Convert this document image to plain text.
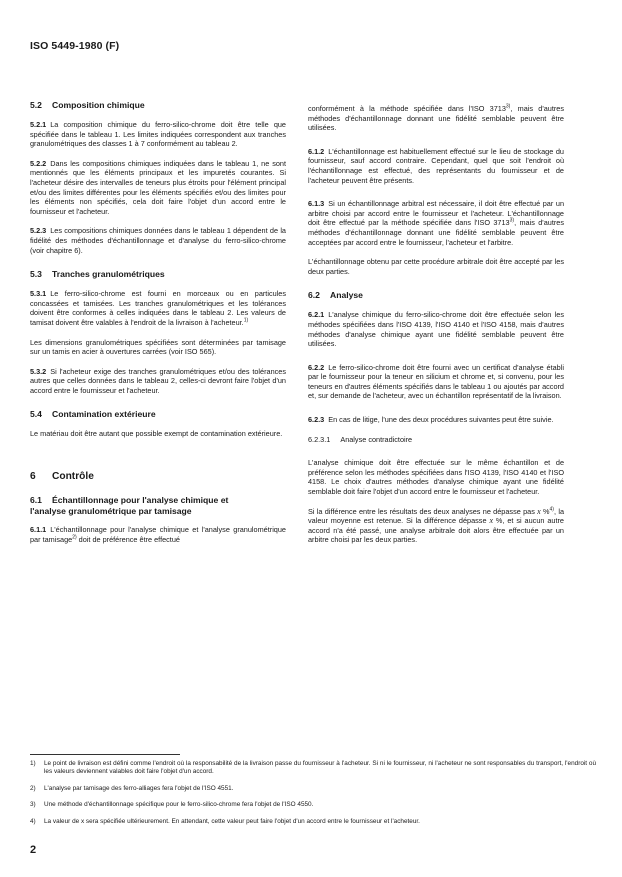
ISO 5449-1980 (F)
5.2 Composition chimique

5.2.1 La composition chimique du ferro-silico-chrome doit être telle que spécifiée dans le tableau 1. Les limites indiquées correspondent aux tranches granulométriques des classes 1 à 7 conformément au tableau 2.

5.2.2 Dans les compositions chimiques indiquées dans le tableau 1, ne sont mentionnés que les éléments principaux et les impuretés courantes. Si l'acheteur désire des intervalles de teneurs plus étroits pour l'élément principal et/ou des limites différentes pour les éléments spécifiés et/ou des limites pour les éléments non spécifiés, cela doit faire l'objet d'un accord entre le fournisseur et l'acheteur.

5.2.3 Les compositions chimiques données dans le tableau 1 dépendent de la fidélité des méthodes d'échantillonnage et d'analyse du ferro-silico-chrome (voir chapitre 6).

5.3 Tranches granulométriques

5.3.1 Le ferro-silico-chrome est fourni en morceaux ou en particules concassées et tamisées. Les tranches granulométriques et les tolérances doivent être conformes à celles indiquées dans le tableau 2. Les valeurs de tamisat doivent être valables à l'endroit de la livraison à l'acheteur.$^{1)}$

Les dimensions granulométriques spécifiées sont déterminées par tamisage sur un tamis en acier à ouvertures carrées (voir ISO 565).

5.3.2 Si l'acheteur exige des tranches granulométriques et/ou des tolérances autres que celles données dans le tableau 2, celles-ci devront faire l'objet d'un accord entre le fournisseur et l'acheteur.

5.4 Contamination extérieure

Le matériau doit être autant que possible exempt de contamination extérieure.

6 Contrôle
6.1 Échantillonnage pour l'analyse chimique et
l'analyse granulométrique par tamisage

6.1.1 L'échantillonnage pour l'analyse chimique et l'analyse granulométrique par tamisage$^{2)}$ doit de préférence être effectué

conformément à la méthode spécifiée dans l'ISO 3713$^{3)}$, mais d'autres méthodes d'échantillonnage donnant une fidélité semblable peuvent être utilisées.

6.1.2 L'échantillonnage est habituellement effectué sur le lieu de stockage du fournisseur, sauf accord contraire. Cependant, quel que soit l'endroit où l'échantillonnage est effectué, des représentants du fournisseur et de l'acheteur peuvent être présents.

6.1.3 Si un échantillonnage arbitral est nécessaire, il doit être effectué par un arbitre choisi par accord entre le fournisseur et l'acheteur. L'échantillonnage doit être effectué par la méthode spécifiée dans l'ISO 3713$^{3)}$, mais d'autres méthodes d'échantillonnage donnant une fidélité semblable peuvent être acceptées par accord entre le fournisseur, l'acheteur et l'arbitre.

L'échantillonnage obtenu par cette procédure arbitrale doit être accepté par les deux parties.

6.2 Analyse

6.2.1 L'analyse chimique du ferro-silico-chrome doit être effectuée selon les méthodes spécifiées dans l'ISO 4139, l'ISO 4140 et l'ISO 4158, mais d'autres méthodes d'analyse chimique ayant une fidélité semblable peuvent être utilisées.

6.2.2 Le ferro-silico-chrome doit être fourni avec un certificat d'analyse établi par le fournisseur pour la teneur en silicium et chrome et, si convenu, pour les teneurs en d'autres éléments spécifiés dans le tableau 1 ou ajoutés par accord et, sur demande de l'acheteur, avec un échantillon représentatif de la livraison.

6.2.3 En cas de litige, l'une des deux procédures suivantes peut être suivie.

6.2.3.1 Analyse contradictoire

L'analyse chimique doit être effectuée sur le même échantillon et de préférence selon les méthodes spécifiées dans l'ISO 4139, l'ISO 4140 et l'ISO 4158. Le choix d'autres méthodes d'analyse chimique ayant une fidélité semblable doit faire l'objet d'un accord entre le fournisseur et l'acheteur.

Si la différence entre les résultats des deux analyses ne dépasse pas x %$^{4)}$, la valeur moyenne est retenue. Si la différence dépasse x %, et si aucun autre accord n'a été passé, une analyse arbitrale doit alors être effectuée par un arbitre choisi par les deux parties.

1)	Le point de livraison est défini comme l'endroit où la responsabilité de la livraison passe du fournisseur à l'acheteur. Si ni le fournisseur, ni l'acheteur ne sont responsables du transport, l'endroit où les valeurs deviennent valables doit faire l'objet d'un accord.
2)	L'analyse par tamisage des ferro-alliages fera l'objet de l'ISO 4551.
3)	Une méthode d'échantillonnage spécifique pour le ferro-silico-chrome fera l'objet de l'ISO 4550.
4)	La valeur de x sera spécifiée ultérieurement. En attendant, cette valeur peut faire l'objet d'un accord entre le fournisseur et l'acheteur.
2
